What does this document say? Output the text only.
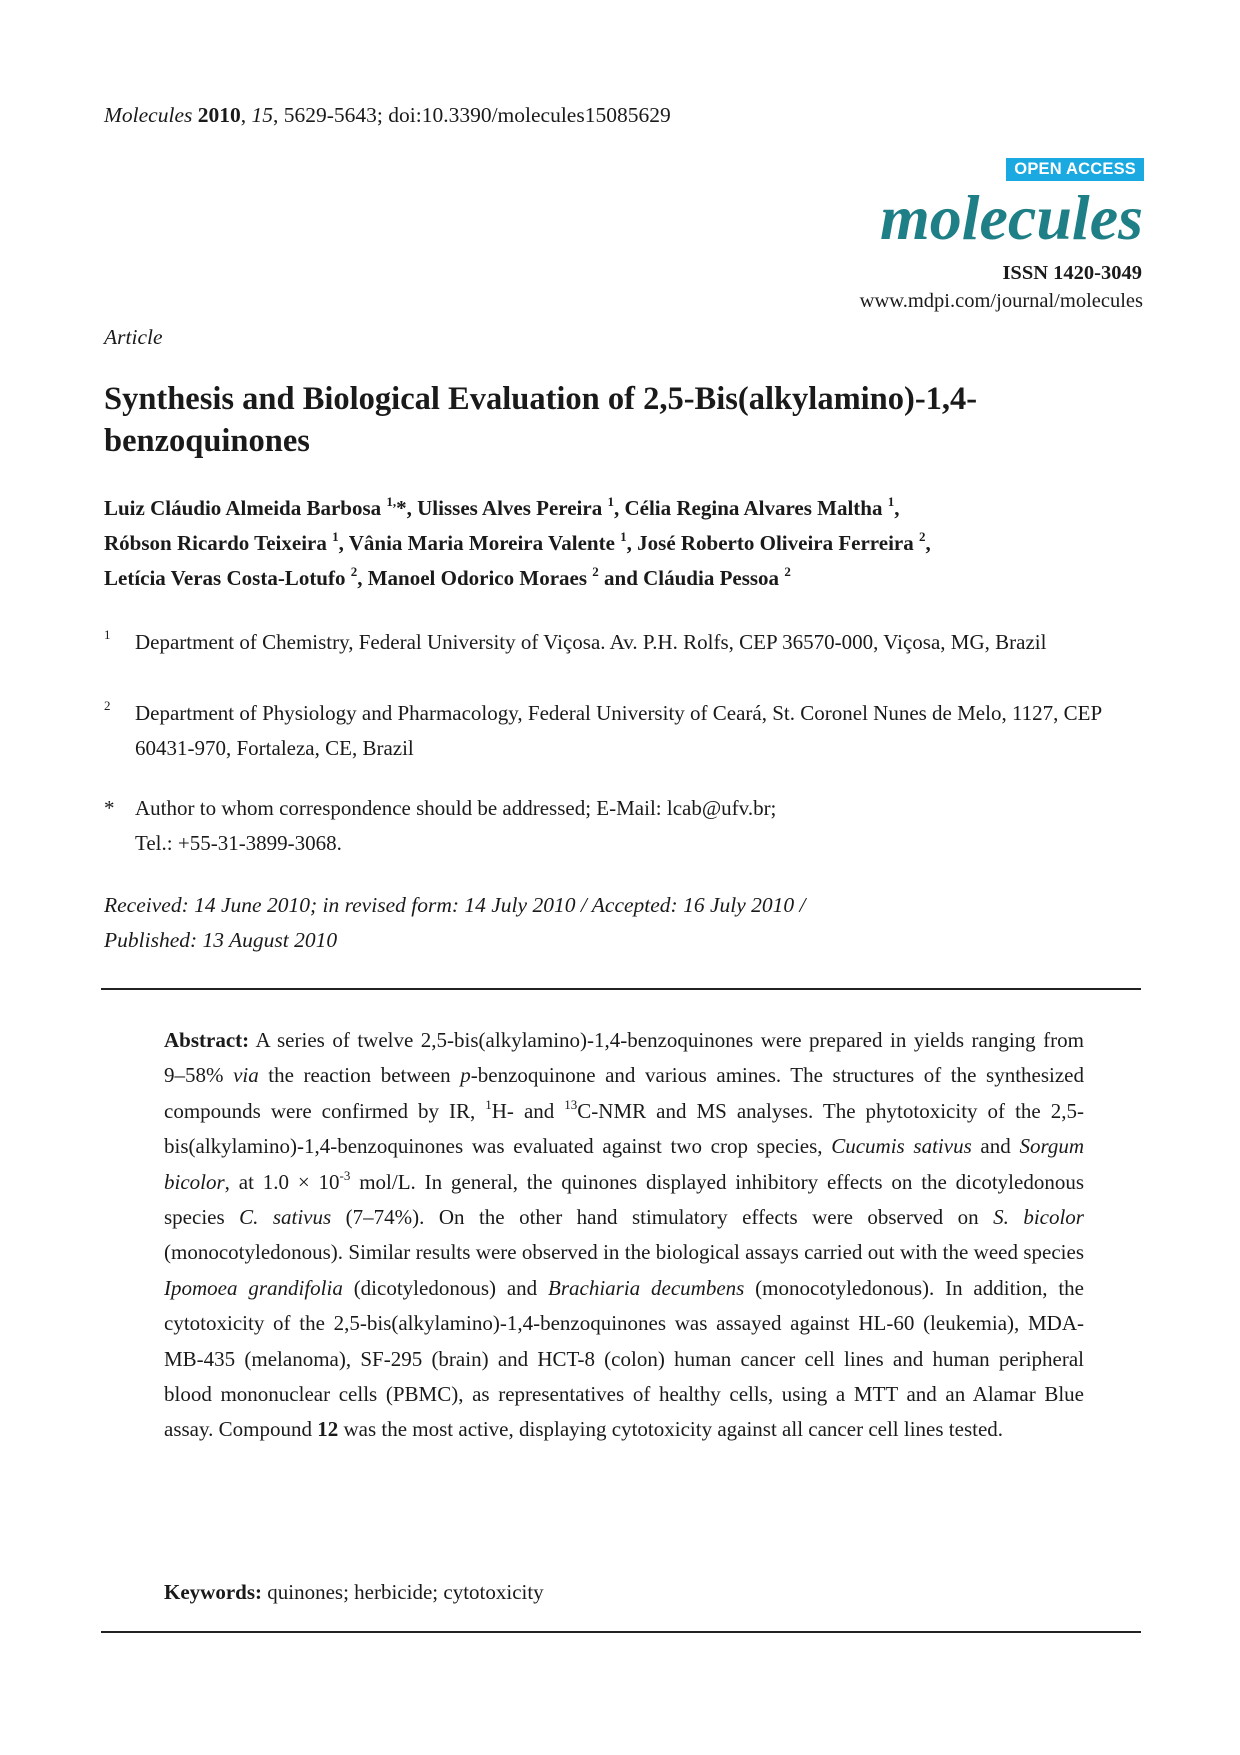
Molecules 2010, 15, 5629-5643; doi:10.3390/molecules15085629
OPEN ACCESS
molecules
ISSN 1420-3049
www.mdpi.com/journal/molecules
Article
Synthesis and Biological Evaluation of 2,5-Bis(alkylamino)-1,4-benzoquinones
Luiz Cláudio Almeida Barbosa $^{1,}$*, Ulisses Alves Pereira $^1$, Célia Regina Alvares Maltha $^1$,
Róbson Ricardo Teixeira $^1$, Vânia Maria Moreira Valente $^1$, José Roberto Oliveira Ferreira $^2$,
Letícia Veras Costa-Lotufo $^2$, Manoel Odorico Moraes $^2$ and Cláudia Pessoa $^2$
1 Department of Chemistry, Federal University of Viçosa. Av. P.H. Rolfs, CEP 36570-000, Viçosa, MG, Brazil
2 Department of Physiology and Pharmacology, Federal University of Ceará, St. Coronel Nunes de Melo, 1127, CEP 60431-970, Fortaleza, CE, Brazil
* Author to whom correspondence should be addressed; E-Mail: lcab@ufv.br;
Tel.: +55-31-3899-3068.
Received: 14 June 2010; in revised form: 14 July 2010 / Accepted: 16 July 2010 /
Published: 13 August 2010

Abstract: A series of twelve 2,5-bis(alkylamino)-1,4-benzoquinones were prepared in yields ranging from 9–58% via the reaction between p-benzoquinone and various amines. The structures of the synthesized compounds were confirmed by IR, $^1$H- and $^{13}$C-NMR and MS analyses. The phytotoxicity of the 2,5-bis(alkylamino)-1,4-benzoquinones was evaluated against two crop species, Cucumis sativus and Sorgum bicolor, at $1.0 \times 10^{-3}$ mol/L. In general, the quinones displayed inhibitory effects on the dicotyledonous species C. sativus (7–74%). On the other hand stimulatory effects were observed on S. bicolor (monocotyledonous). Similar results were observed in the biological assays carried out with the weed species Ipomoea grandifolia (dicotyledonous) and Brachiaria decumbens (monocotyledonous). In addition, the cytotoxicity of the 2,5-bis(alkylamino)-1,4-benzoquinones was assayed against HL-60 (leukemia), MDA-MB-435 (melanoma), SF-295 (brain) and HCT-8 (colon) human cancer cell lines and human peripheral blood mononuclear cells (PBMC), as representatives of healthy cells, using a MTT and an Alamar Blue assay. Compound 12 was the most active, displaying cytotoxicity against all cancer cell lines tested.

Keywords: quinones; herbicide; cytotoxicity
